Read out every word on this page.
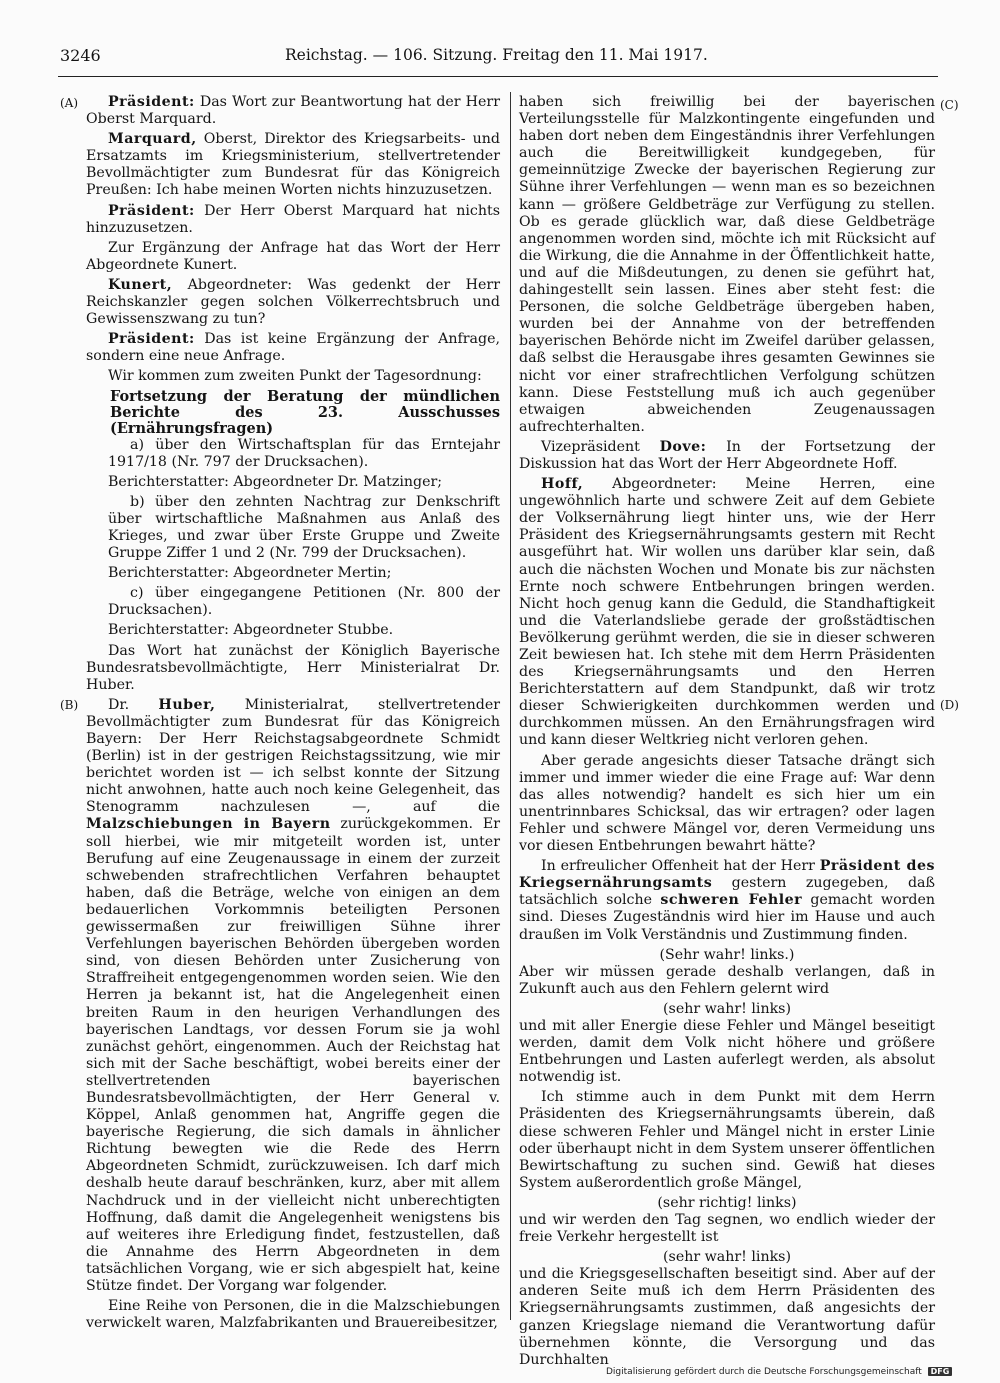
3246	Reichstag. — 106. Sitzung. Freitag den 11. Mai 1917.
(A)
(B)
(C)
(D)

Präsident: Das Wort zur Beantwortung hat der Herr Oberst Marquard.

Marquard, Oberst, Direktor des Kriegsarbeits- und Ersatzamts im Kriegsministerium, stellvertretender Bevollmächtigter zum Bundesrat für das Königreich Preußen: Ich habe meinen Worten nichts hinzuzusetzen.

Präsident: Der Herr Oberst Marquard hat nichts hinzuzusetzen.

Zur Ergänzung der Anfrage hat das Wort der Herr Abgeordnete Kunert.

Kunert, Abgeordneter: Was gedenkt der Herr Reichskanzler gegen solchen Völkerrechtsbruch und Gewissenszwang zu tun?

Präsident: Das ist keine Ergänzung der Anfrage, sondern eine neue Anfrage.

Wir kommen zum zweiten Punkt der Tagesordnung:

Fortsetzung der Beratung der mündlichen Berichte des 23. Ausschusses (Ernährungsfragen)

a) über den Wirtschaftsplan für das Erntejahr 1917/18 (Nr. 797 der Drucksachen).

Berichterstatter: Abgeordneter Dr. Matzinger;

b) über den zehnten Nachtrag zur Denkschrift über wirtschaftliche Maßnahmen aus Anlaß des Krieges, und zwar über Erste Gruppe und Zweite Gruppe Ziffer 1 und 2 (Nr. 799 der Drucksachen).

Berichterstatter: Abgeordneter Mertin;

c) über eingegangene Petitionen (Nr. 800 der Drucksachen).

Berichterstatter: Abgeordneter Stubbe.

Das Wort hat zunächst der Königlich Bayerische Bundesratsbevollmächtigte, Herr Ministerialrat Dr. Huber.

Dr. Huber, Ministerialrat, stellvertretender Bevollmächtigter zum Bundesrat für das Königreich Bayern: Der Herr Reichstagsabgeordnete Schmidt (Berlin) ist in der gestrigen Reichstagssitzung, wie mir berichtet worden ist — ich selbst konnte der Sitzung nicht anwohnen, hatte auch noch keine Gelegenheit, das Stenogramm nachzulesen —, auf die Malzschiebungen in Bayern zurückgekommen. Er soll hierbei, wie mir mitgeteilt worden ist, unter Berufung auf eine Zeugenaussage in einem der zurzeit schwebenden strafrechtlichen Verfahren behauptet haben, daß die Beträge, welche von einigen an dem bedauerlichen Vorkommnis beteiligten Personen gewissermaßen zur freiwilligen Sühne ihrer Verfehlungen bayerischen Behörden übergeben worden sind, von diesen Behörden unter Zusicherung von Straffreiheit entgegengenommen worden seien. Wie den Herren ja bekannt ist, hat die Angelegenheit einen breiten Raum in den heurigen Verhandlungen des bayerischen Landtags, vor dessen Forum sie ja wohl zunächst gehört, eingenommen. Auch der Reichstag hat sich mit der Sache beschäftigt, wobei bereits einer der stellvertretenden bayerischen Bundesratsbevollmächtigten, der Herr General v. Köppel, Anlaß genommen hat, Angriffe gegen die bayerische Regierung, die sich damals in ähnlicher Richtung bewegten wie die Rede des Herrn Abgeordneten Schmidt, zurückzuweisen. Ich darf mich deshalb heute darauf beschränken, kurz, aber mit allem Nachdruck und in der vielleicht nicht unberechtigten Hoffnung, daß damit die Angelegenheit wenigstens bis auf weiteres ihre Erledigung findet, festzustellen, daß die Annahme des Herrn Abgeordneten in dem tatsächlichen Vorgang, wie er sich abgespielt hat, keine Stütze findet. Der Vorgang war folgender.

Eine Reihe von Personen, die in die Malzschiebungen verwickelt waren, Malzfabrikanten und Brauereibesitzer,

haben sich freiwillig bei der bayerischen Verteilungsstelle für Malzkontingente eingefunden und haben dort neben dem Eingeständnis ihrer Verfehlungen auch die Bereitwilligkeit kundgegeben, für gemeinnützige Zwecke der bayerischen Regierung zur Sühne ihrer Verfehlungen — wenn man es so bezeichnen kann — größere Geldbeträge zur Verfügung zu stellen. Ob es gerade glücklich war, daß diese Geldbeträge angenommen worden sind, möchte ich mit Rücksicht auf die Wirkung, die die Annahme in der Öffentlichkeit hatte, und auf die Mißdeutungen, zu denen sie geführt hat, dahingestellt sein lassen. Eines aber steht fest: die Personen, die solche Geldbeträge übergeben haben, wurden bei der Annahme von der betreffenden bayerischen Behörde nicht im Zweifel darüber gelassen, daß selbst die Herausgabe ihres gesamten Gewinnes sie nicht vor einer strafrechtlichen Verfolgung schützen kann. Diese Feststellung muß ich auch gegenüber etwaigen abweichenden Zeugenaussagen aufrechterhalten.

Vizepräsident Dove: In der Fortsetzung der Diskussion hat das Wort der Herr Abgeordnete Hoff.

Hoff, Abgeordneter: Meine Herren, eine ungewöhnlich harte und schwere Zeit auf dem Gebiete der Volksernährung liegt hinter uns, wie der Herr Präsident des Kriegsernährungsamts gestern mit Recht ausgeführt hat. Wir wollen uns darüber klar sein, daß auch die nächsten Wochen und Monate bis zur nächsten Ernte noch schwere Entbehrungen bringen werden. Nicht hoch genug kann die Geduld, die Standhaftigkeit und die Vaterlandsliebe gerade der großstädtischen Bevölkerung gerühmt werden, die sie in dieser schweren Zeit bewiesen hat. Ich stehe mit dem Herrn Präsidenten des Kriegsernährungsamts und den Herren Berichterstattern auf dem Standpunkt, daß wir trotz dieser Schwierigkeiten durchkommen werden und durchkommen müssen. An den Ernährungsfragen wird und kann dieser Weltkrieg nicht verloren gehen.

Aber gerade angesichts dieser Tatsache drängt sich immer und immer wieder die eine Frage auf: War denn das alles notwendig? handelt es sich hier um ein unentrinnbares Schicksal, das wir ertragen? oder lagen Fehler und schwere Mängel vor, deren Vermeidung uns vor diesen Entbehrungen bewahrt hätte?

In erfreulicher Offenheit hat der Herr Präsident des Kriegsernährungsamts gestern zugegeben, daß tatsächlich solche schweren Fehler gemacht worden sind. Dieses Zugeständnis wird hier im Hause und auch draußen im Volk Verständnis und Zustimmung finden.

(Sehr wahr! links.)

Aber wir müssen gerade deshalb verlangen, daß in Zukunft auch aus den Fehlern gelernt wird

(sehr wahr! links)

und mit aller Energie diese Fehler und Mängel beseitigt werden, damit dem Volk nicht höhere und größere Entbehrungen und Lasten auferlegt werden, als absolut notwendig ist.

Ich stimme auch in dem Punkt mit dem Herrn Präsidenten des Kriegsernährungsamts überein, daß diese schweren Fehler und Mängel nicht in erster Linie oder überhaupt nicht in dem System unserer öffentlichen Bewirtschaftung zu suchen sind. Gewiß hat dieses System außerordentlich große Mängel,

(sehr richtig! links)

und wir werden den Tag segnen, wo endlich wieder der freie Verkehr hergestellt ist

(sehr wahr! links)

und die Kriegsgesellschaften beseitigt sind. Aber auf der anderen Seite muß ich dem Herrn Präsidenten des Kriegsernährungsamts zustimmen, daß angesichts der ganzen Kriegslage niemand die Verantwortung dafür übernehmen könnte, die Versorgung und das Durchhalten

Digitalisierung gefördert durch die Deutsche Forschungsgemeinschaft DFG
